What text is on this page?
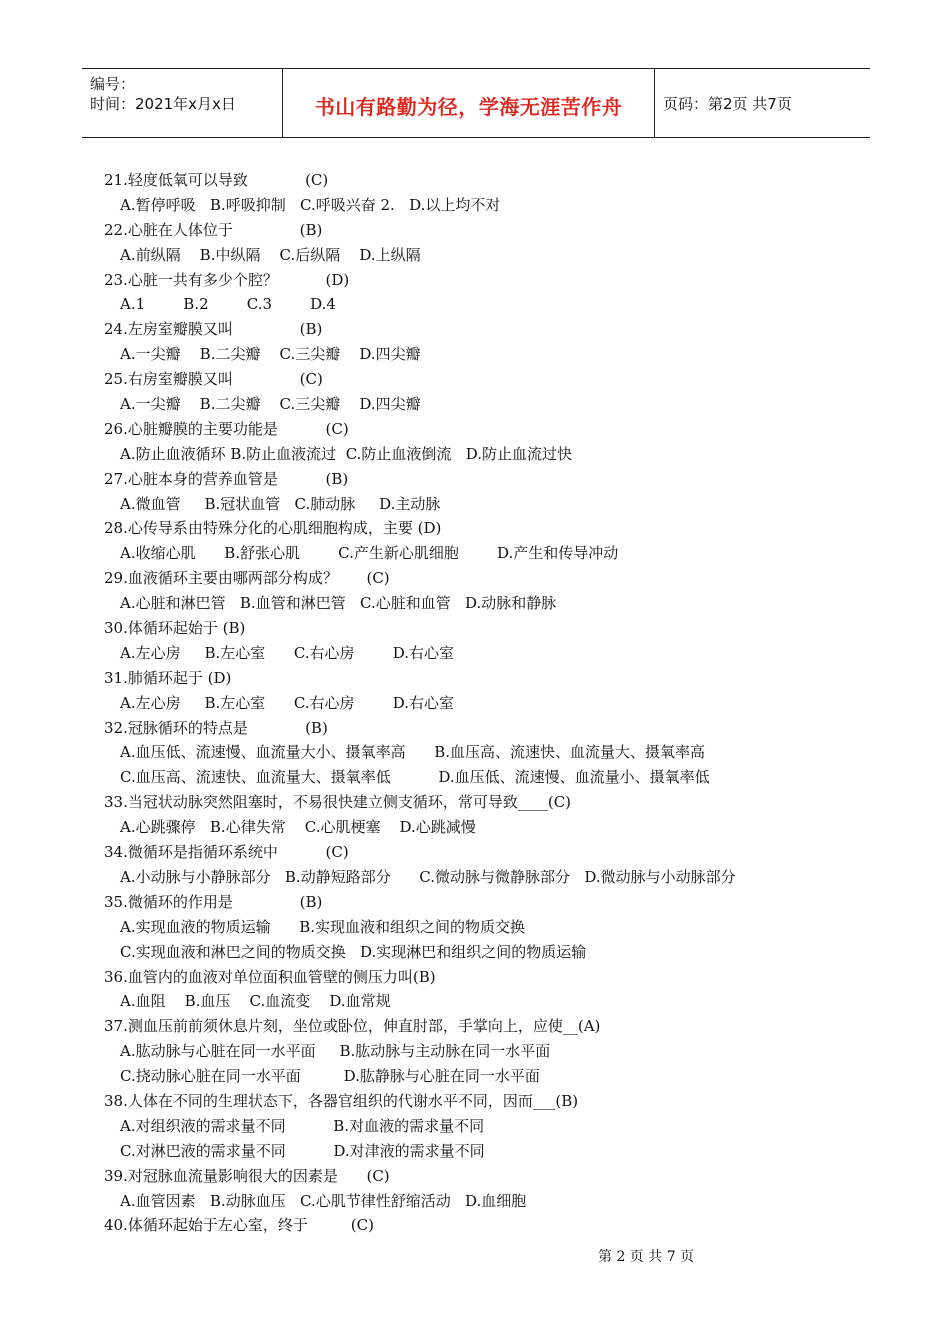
编号：
时间：2021年x月x日	书山有路勤为径，学海无涯苦作舟	页码：第2页 共7页
21.轻度低氧可以导致            (C)
A.暂停呼吸   B.呼吸抑制   C.呼吸兴奋 2.   D.以上均不对
22.心脏在人体位于              (B)
A.前纵隔    B.中纵隔    C.后纵隔    D.上纵隔
23.心脏一共有多少个腔？          (D)
A.1        B.2        C.3        D.4
24.左房室瓣膜又叫              (B)
A.一尖瓣    B.二尖瓣    C.三尖瓣    D.四尖瓣
25.右房室瓣膜又叫              (C)
A.一尖瓣    B.二尖瓣    C.三尖瓣    D.四尖瓣
26.心脏瓣膜的主要功能是          (C)
A.防止血液循环 B.防止血液流过  C.防止血液倒流   D.防止血流过快
27.心脏本身的营养血管是          (B)
A.微血管     B.冠状血管   C.肺动脉     D.主动脉
28.心传导系由特殊分化的心肌细胞构成，主要 (D)
A.收缩心肌      B.舒张心肌        C.产生新心肌细胞        D.产生和传导冲动
29.血液循环主要由哪两部分构成？      (C)
A.心脏和淋巴管   B.血管和淋巴管   C.心脏和血管   D.动脉和静脉
30.体循环起始于 (B)
A.左心房     B.左心室      C.右心房        D.右心室
31.肺循环起于 (D)
A.左心房     B.左心室      C.右心房        D.右心室
32.冠脉循环的特点是            (B)
A.血压低、流速慢、血流量大小、摄氧率高      B.血压高、流速快、血流量大、摄氧率高
C.血压高、流速快、血流量大、摄氧率低          D.血压低、流速慢、血流量小、摄氧率低
33.当冠状动脉突然阻塞时，不易很快建立侧支循环，常可导致____(C)
A.心跳骤停   B.心律失常    C.心肌梗塞    D.心跳减慢
34.微循环是指循环系统中          (C)
A.小动脉与小静脉部分   B.动静短路部分      C.微动脉与微静脉部分   D.微动脉与小动脉部分
35.微循环的作用是              (B)
A.实现血液的物质运输      B.实现血液和组织之间的物质交换
C.实现血液和淋巴之间的物质交换   D.实现淋巴和组织之间的物质运输
36.血管内的血液对单位面积血管壁的侧压力叫(B)
A.血阻    B.血压    C.血流变    D.血常规
37.测血压前前须休息片刻，坐位或卧位，伸直肘部，手掌向上，应使__(A)
A.肱动脉与心脏在同一水平面     B.肱动脉与主动脉在同一水平面
C.挠动脉心脏在同一水平面         D.肱静脉与心脏在同一水平面
38.人体在不同的生理状态下，各器官组织的代谢水平不同，因而___(B)
A.对组织液的需求量不同          B.对血液的需求量不同
C.对淋巴液的需求量不同          D.对津液的需求量不同
39.对冠脉血流量影响很大的因素是      (C)
A.血管因素   B.动脉血压   C.心肌节律性舒缩活动   D.血细胞
40.体循环起始于左心室，终于         (C)
第 2 页 共 7 页
